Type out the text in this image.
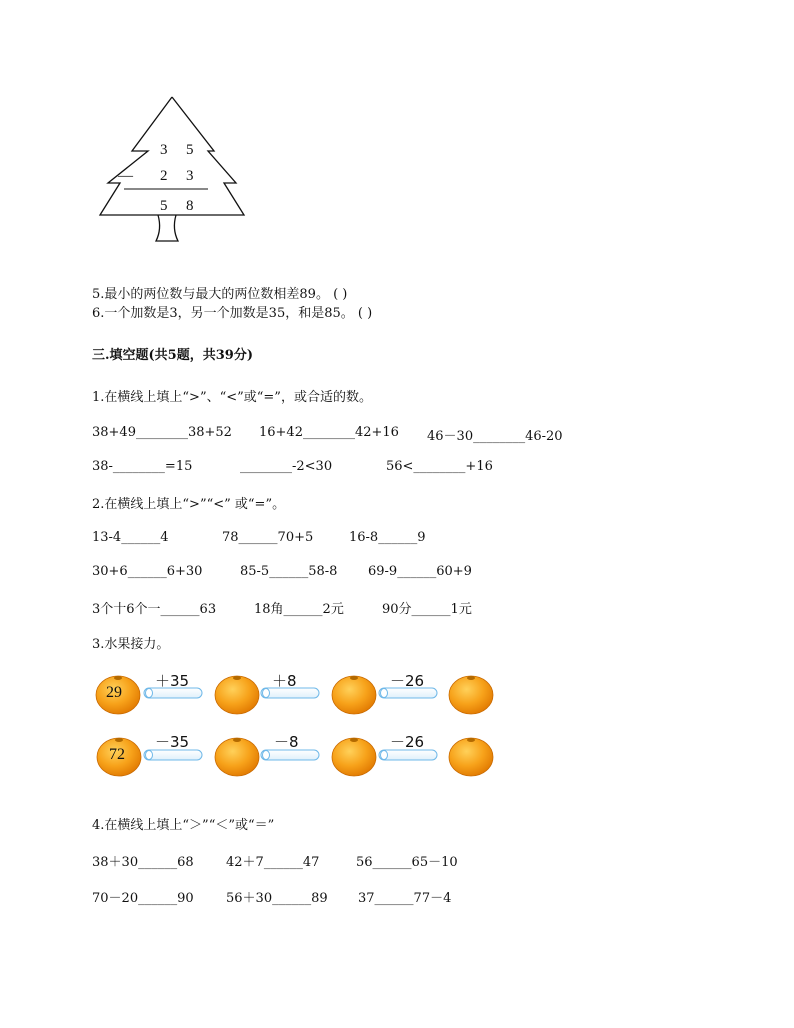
3 5
— 2 3
5 8
5.最小的两位数与最大的两位数相差89。 ( )
6.一个加数是3，另一个加数是35，和是85。 ( )
三.填空题(共5题，共39分)
1.在横线上填上“>”、“<”或“=”，或合适的数。
38+49________38+52 16+42________42+16 46－30________46-20
38-________=15	________-2<30	56<________+16
2.在横线上填上“>”“<” 或“=”。
13-4______4	78______70+5	16-8______9
30+6______6+30	85-5______58-8 69-9______60+9
3个十6个一______63	18角______2元	90分______1元
3.水果接力。
29
＋35	＋8	－26
72
－35	－8	－26
4.在横线上填上“＞”“＜”或“＝”
38＋30______68 42＋7______47	56______65－10
70－20______90 56＋30______89 37______77－4
